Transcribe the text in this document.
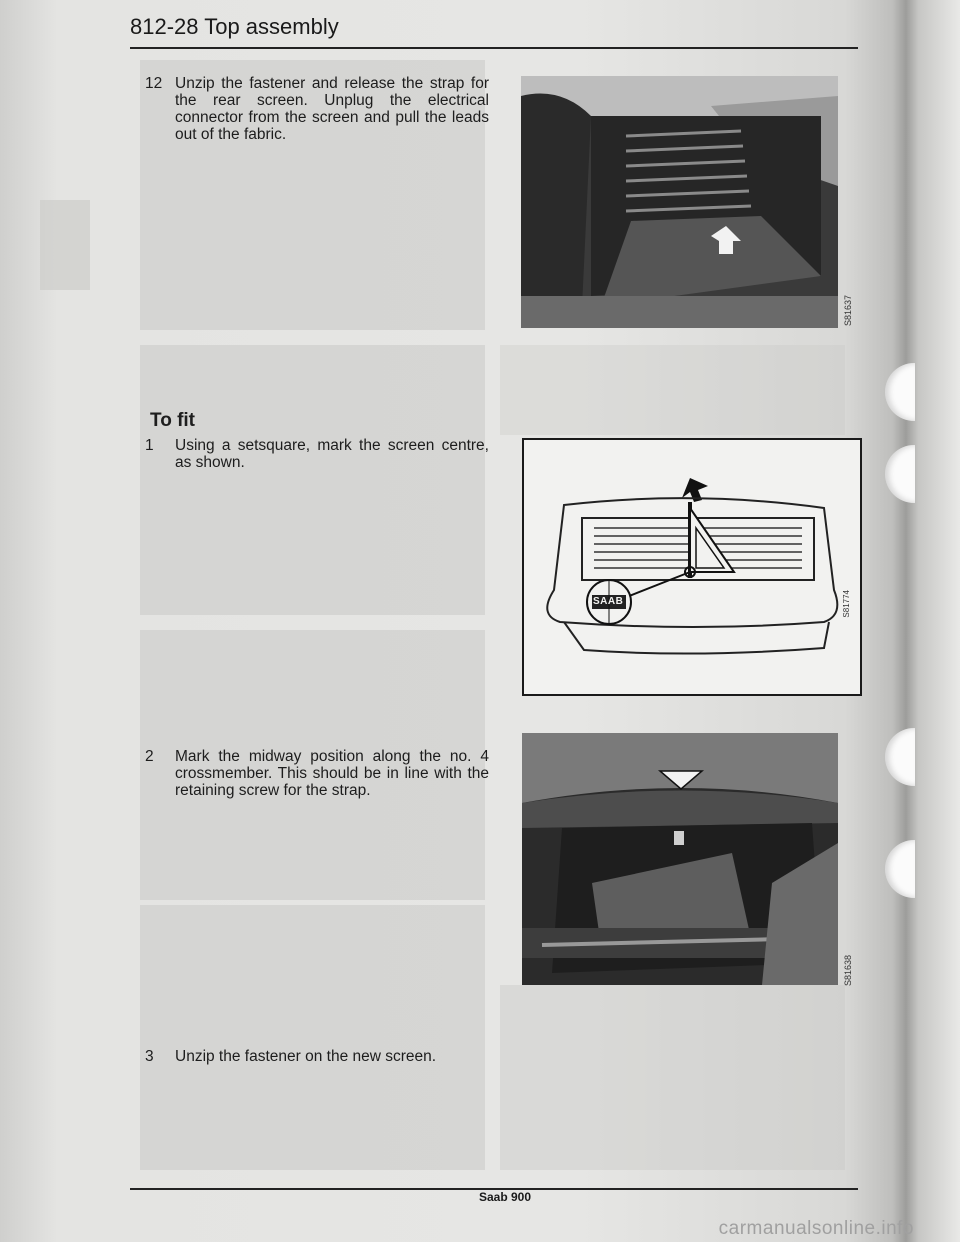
812-28 Top assembly
12 Unzip the fastener and release the strap for the rear screen. Unplug the electrical connector from the screen and pull the leads out of the fabric.
S81637
To fit
1	Using a setsquare, mark the screen centre, as shown.
SAAB	S81774
2	Mark the midway position along the no. 4 crossmember. This should be in line with the retaining screw for the strap.
S81638
3	Unzip the fastener on the new screen.
Saab 900
carmanualsonline.info
